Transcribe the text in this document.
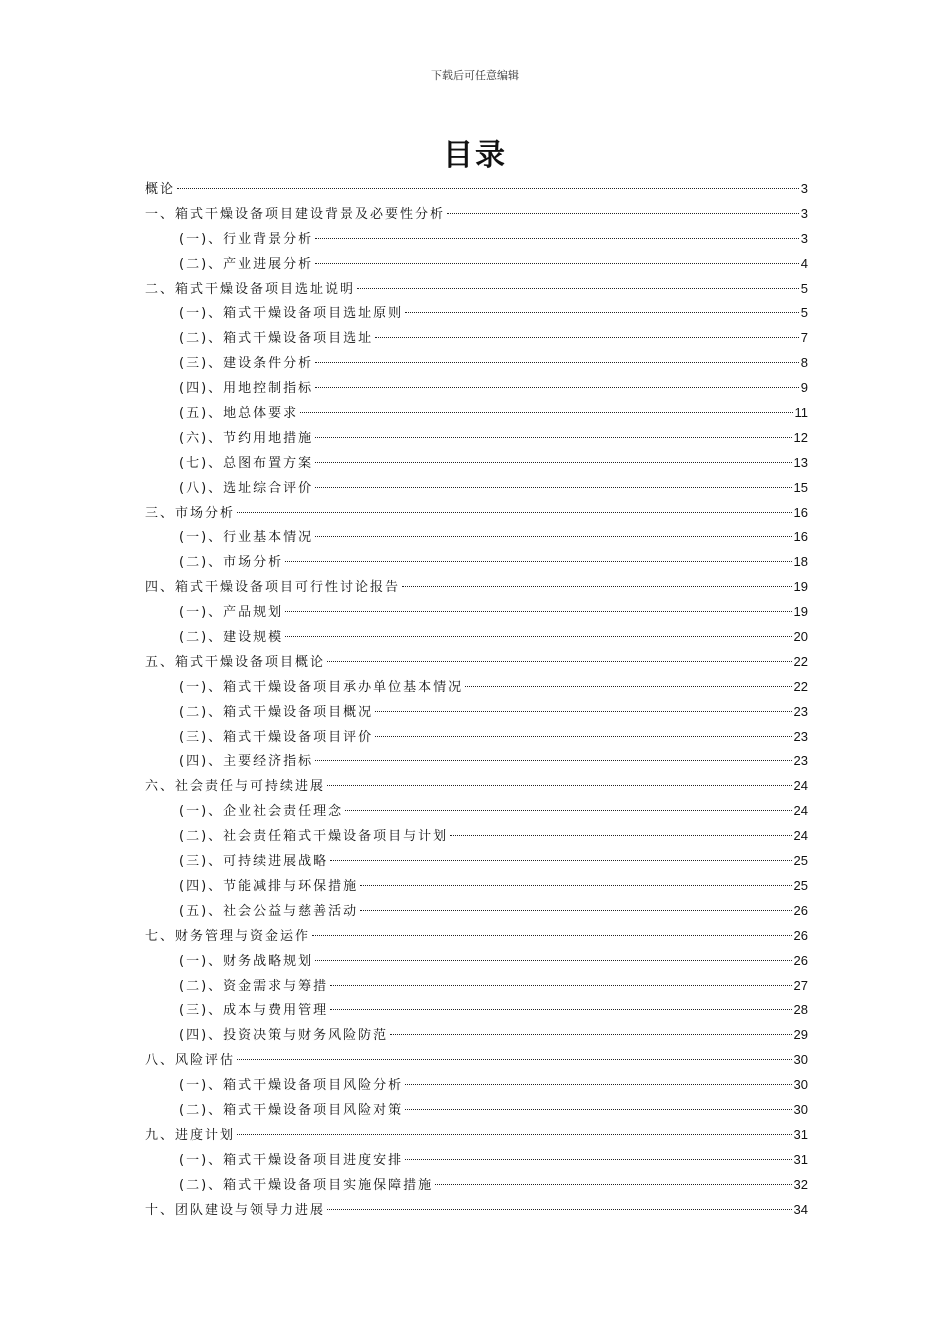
下载后可任意编辑
目录
概论	3
一、箱式干燥设备项目建设背景及必要性分析	3
(一)、行业背景分析	3
(二)、产业进展分析	4
二、箱式干燥设备项目选址说明	5
(一)、箱式干燥设备项目选址原则	5
(二)、箱式干燥设备项目选址	7
(三)、建设条件分析	8
(四)、用地控制指标	9
(五)、地总体要求	11
(六)、节约用地措施	12
(七)、总图布置方案	13
(八)、选址综合评价	15
三、市场分析	16
(一)、行业基本情况	16
(二)、市场分析	18
四、箱式干燥设备项目可行性讨论报告	19
(一)、产品规划	19
(二)、建设规模	20
五、箱式干燥设备项目概论	22
(一)、箱式干燥设备项目承办单位基本情况	22
(二)、箱式干燥设备项目概况	23
(三)、箱式干燥设备项目评价	23
(四)、主要经济指标	23
六、社会责任与可持续进展	24
(一)、企业社会责任理念	24
(二)、社会责任箱式干燥设备项目与计划	24
(三)、可持续进展战略	25
(四)、节能减排与环保措施	25
(五)、社会公益与慈善活动	26
七、财务管理与资金运作	26
(一)、财务战略规划	26
(二)、资金需求与筹措	27
(三)、成本与费用管理	28
(四)、投资决策与财务风险防范	29
八、风险评估	30
(一)、箱式干燥设备项目风险分析	30
(二)、箱式干燥设备项目风险对策	30
九、进度计划	31
(一)、箱式干燥设备项目进度安排	31
(二)、箱式干燥设备项目实施保障措施	32
十、团队建设与领导力进展	34
